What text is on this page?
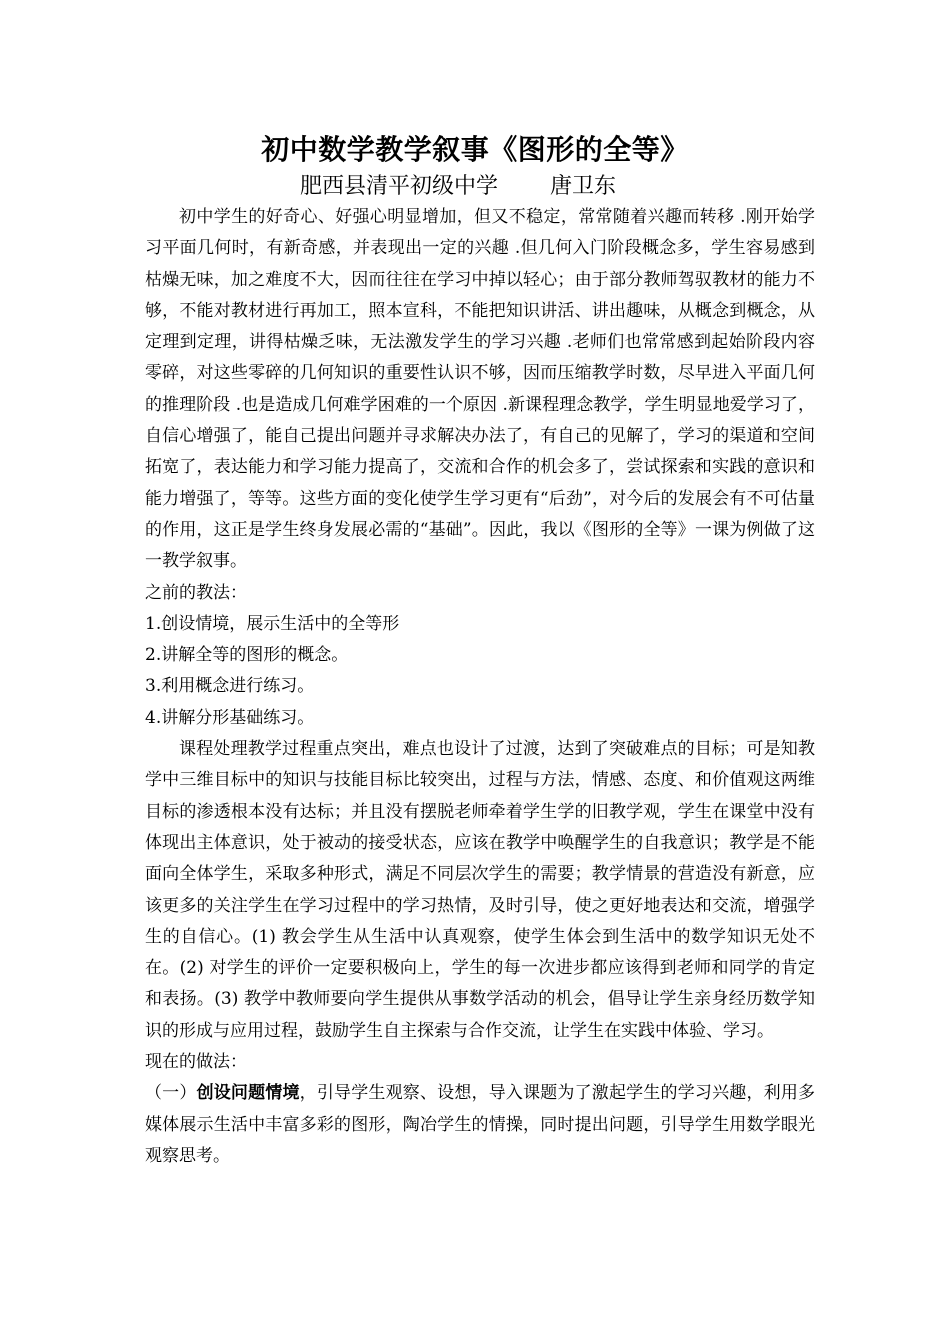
初中数学教学叙事《图形的全等》
肥西县清平初级中学 唐卫东

初中学生的好奇心、好强心明显增加，但又不稳定，常常随着兴趣而转移 .刚开始学习平面几何时，有新奇感，并表现出一定的兴趣 .但几何入门阶段概念多，学生容易感到枯燥无味，加之难度不大，因而往往在学习中掉以轻心；由于部分教师驾驭教材的能力不够，不能对教材进行再加工，照本宣科，不能把知识讲活、讲出趣味，从概念到概念，从定理到定理，讲得枯燥乏味，无法激发学生的学习兴趣 .老师们也常常感到起始阶段内容零碎，对这些零碎的几何知识的重要性认识不够，因而压缩教学时数，尽早进入平面几何的推理阶段 .也是造成几何难学困难的一个原因 .新课程理念教学，学生明显地爱学习了，自信心增强了，能自己提出问题并寻求解决办法了，有自己的见解了，学习的渠道和空间拓宽了，表达能力和学习能力提高了，交流和合作的机会多了，尝试探索和实践的意识和能力增强了，等等。这些方面的变化使学生学习更有“后劲”，对今后的发展会有不可估量的作用，这正是学生终身发展必需的“基础”。因此，我以《图形的全等》一课为例做了这一教学叙事。

之前的教法：

1.创设情境，展示生活中的全等形

2.讲解全等的图形的概念。

3.利用概念进行练习。

4.讲解分形基础练习。

课程处理教学过程重点突出，难点也设计了过渡，达到了突破难点的目标；可是知教学中三维目标中的知识与技能目标比较突出，过程与方法，情感、态度、和价值观这两维目标的渗透根本没有达标；并且没有摆脱老师牵着学生学的旧教学观，学生在课堂中没有体现出主体意识，处于被动的接受状态，应该在教学中唤醒学生的自我意识；教学是不能面向全体学生，采取多种形式，满足不同层次学生的需要；教学情景的营造没有新意，应该更多的关注学生在学习过程中的学习热情，及时引导，使之更好地表达和交流，增强学生的自信心。(1) 教会学生从生活中认真观察，使学生体会到生活中的数学知识无处不在。(2) 对学生的评价一定要积极向上，学生的每一次进步都应该得到老师和同学的肯定和表扬。(3) 教学中教师要向学生提供从事数学活动的机会，倡导让学生亲身经历数学知识的形成与应用过程，鼓励学生自主探索与合作交流，让学生在实践中体验、学习。

现在的做法：

（一）创设问题情境，引导学生观察、设想，导入课题为了激起学生的学习兴趣，利用多媒体展示生活中丰富多彩的图形，陶冶学生的情操，同时提出问题，引导学生用数学眼光观察思考。
